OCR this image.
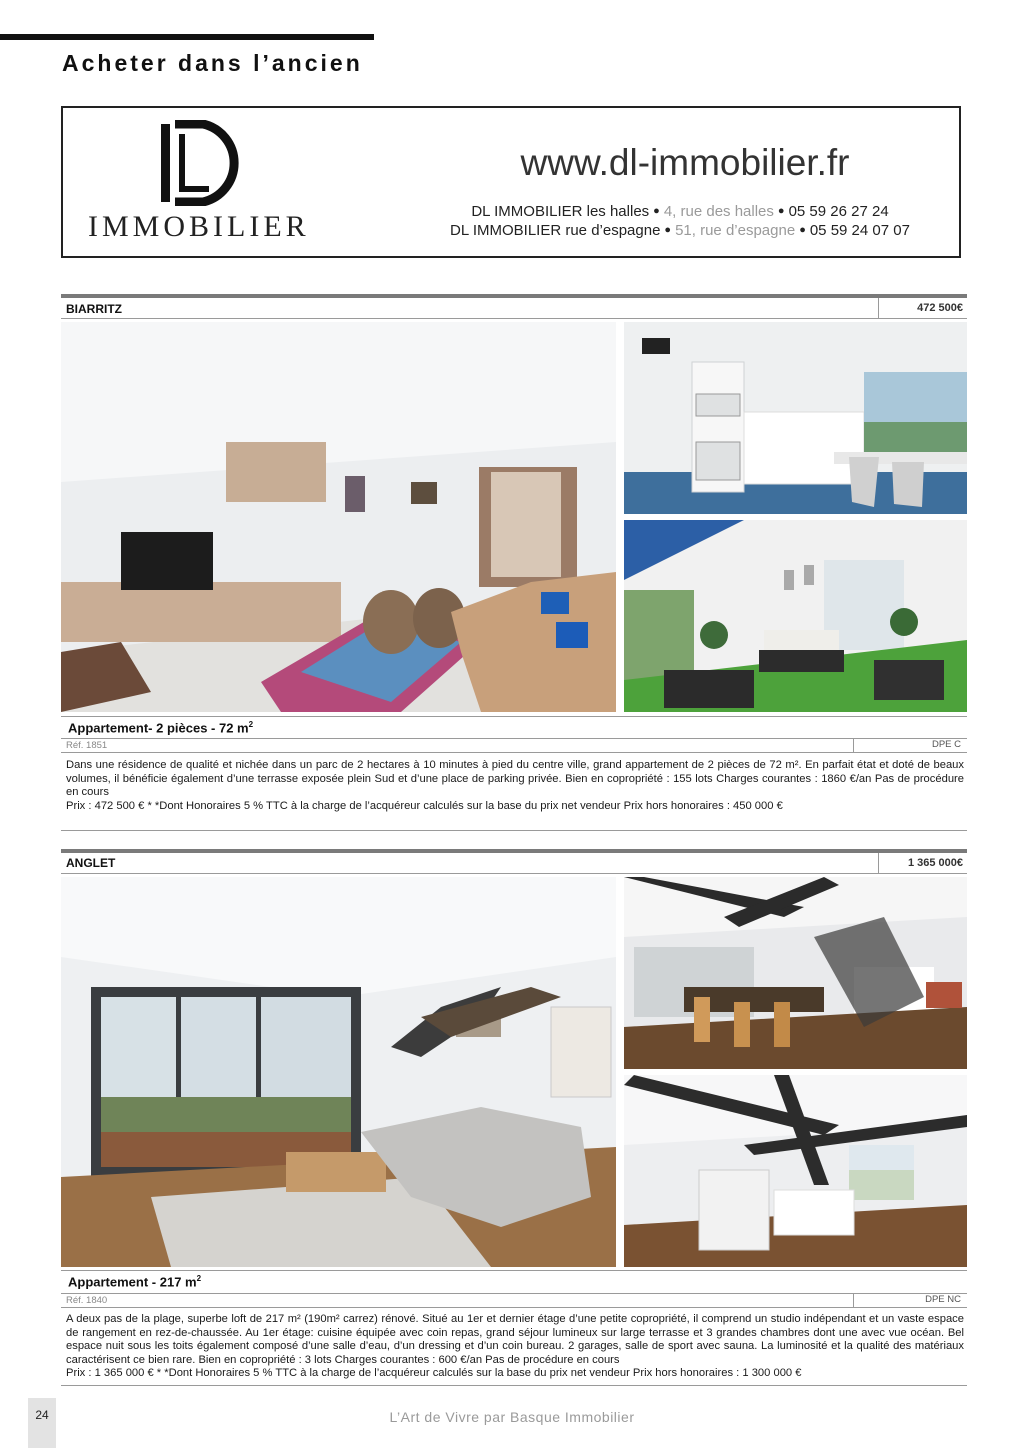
Acheter dans l’ancien
IMMOBILIER
www.dl-immobilier.fr
DL IMMOBILIER les halles ● 4, rue des halles ● 05 59 26 27 24
DL IMMOBILIER rue d’espagne ● 51, rue d’espagne ● 05 59 24 07 07
BIARRITZ	472 500€
Appartement- 2 pièces - 72 $m^2$
Réf. 1851	DPE C

Dans une résidence de qualité et nichée dans un parc de 2 hectares à 10 minutes à pied du centre ville, grand appartement de 2 pièces de 72 m². En parfait état et doté de beaux volumes, il bénéficie également d’une terrasse exposée plein Sud et d’une place de parking privée. Bien en copropriété : 155 lots Charges courantes : 1860 €/an Pas de procédure en cours

Prix : 472 500 € * *Dont Honoraires 5 % TTC à la charge de l’acquéreur calculés sur la base du prix net vendeur Prix hors honoraires : 450 000 €

ANGLET	1 365 000€
Appartement - 217 $m^2$
Réf. 1840	DPE NC

A deux pas de la plage, superbe loft de 217 m² (190m² carrez) rénové. Situé au 1er et dernier étage d’une petite copropriété, il comprend un studio indépendant et un vaste espace de rangement en rez-de-chaussée. Au 1er étage: cuisine équipée avec coin repas, grand séjour lumineux sur large terrasse et 3 grandes chambres dont une avec vue océan. Bel espace nuit sous les toits également composé d’une salle d’eau, d’un dressing et d’un coin bureau. 2 garages, salle de sport avec sauna. La luminosité et la qualité des matériaux caractérisent ce bien rare. Bien en copropriété : 3 lots Charges courantes : 600 €/an Pas de procédure en cours

Prix : 1 365 000 € * *Dont Honoraires 5 % TTC à la charge de l’acquéreur calculés sur la base du prix net vendeur Prix hors honoraires : 1 300 000 €

24	L’Art de Vivre par Basque Immobilier
